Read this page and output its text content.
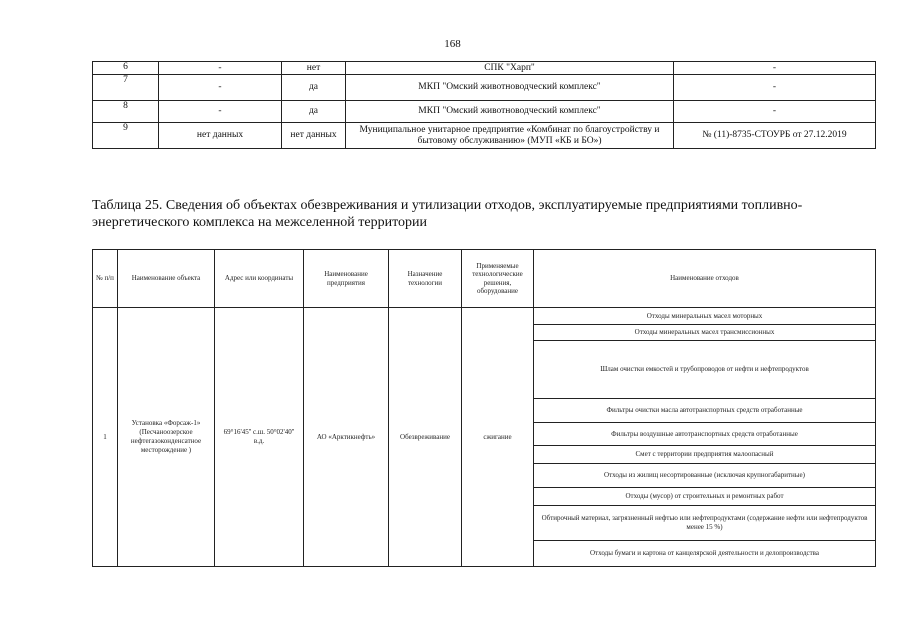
168
6	-	нет	СПК "Харп"	-
7	-	да	МКП "Омский животноводческий комплекс"	-
8	-	да	МКП "Омский животноводческий комплекс"	-
9	нет данных	нет данных	Муниципальное унитарное предприятие «Комбинат по благоустройству и бытовому обслуживанию» (МУП «КБ и БО»)	№ (11)-8735-СТОУРБ от 27.12.2019
Таблица 25. Сведения об объектах обезвреживания и утилизации отходов, эксплуатируемые предприятиями топливно-энергетического комплекса на межселенной территории
№ п/п	Наименование объекта	Адрес или координаты	Наименование предприятия	Назначение технологии	Применяемые технологические решения, оборудование	Наименование отходов
1	Установка «Форсаж-1» (Песчаноозерское нефтегазоконденсатное месторождение )	69°16'45'' с.ш. 50°02'40'' в.д.	АО «Арктикнефть»	Обезвреживание	сжигание	Отходы минеральных масел моторных
						Отходы минеральных масел трансмиссионных
						Шлам очистки емкостей и трубопроводов от нефти и нефтепродуктов
						Фильтры очистки масла автотранспортных средств отработанные
						Фильтры воздушные автотранспортных средств отработанные
						Смет с территории предприятия малоопасный
						Отходы из жилищ несортированные (исключая крупногабаритные)
						Отходы (мусор) от строительных и ремонтных работ
						Обтирочный материал, загрязненный нефтью или нефтепродуктами (содержание нефти или нефтепродуктов менее 15 %)
						Отходы бумаги и картона от канцелярской деятельности и делопроизводства
